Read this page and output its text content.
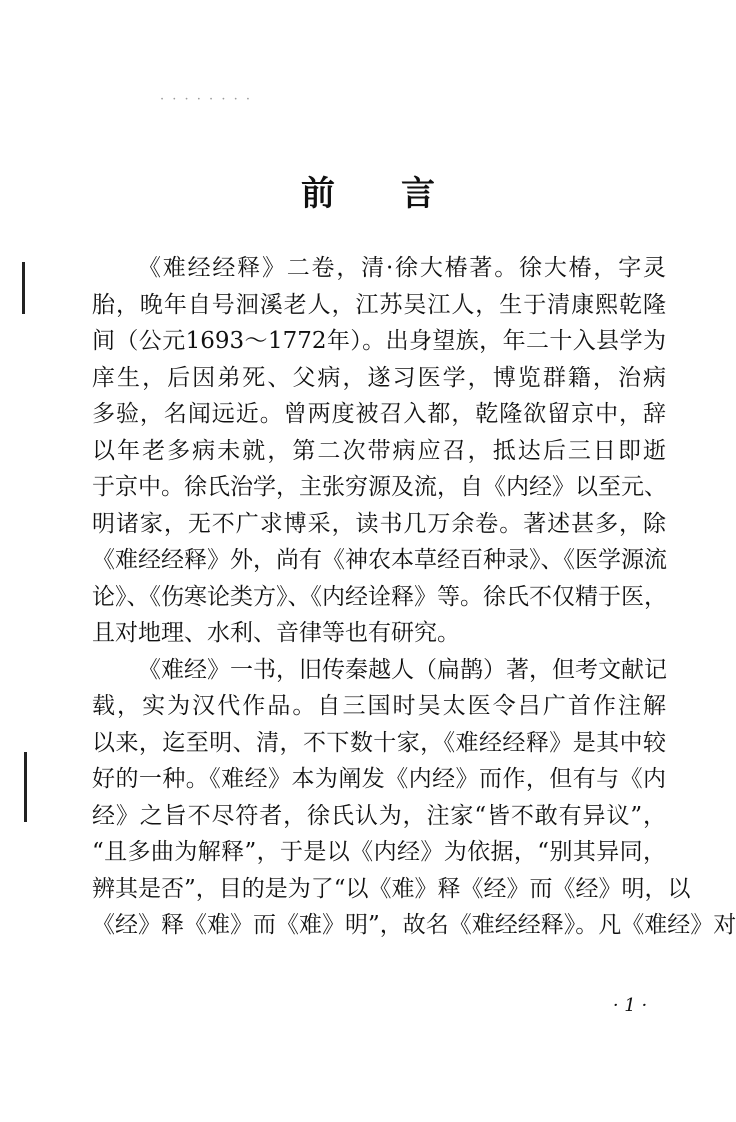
· · · · · · · ·
前言
《难经经释》二卷，清·徐大椿著。徐大椿，字灵
胎，晚年自号洄溪老人，江苏吴江人，生于清康熙乾隆
间（公元1693～1772年）。出身望族，年二十入县学为
庠生，后因弟死、父病，遂习医学，博览群籍，治病
多验，名闻远近。曾两度被召入都，乾隆欲留京中，辞
以年老多病未就，第二次带病应召，抵达后三日即逝
于京中。徐氏治学，主张穷源及流，自《内经》以至元、
明诸家，无不广求博采，读书几万余卷。著述甚多，除
《难经经释》外，尚有《神农本草经百种录》、《医学源流
论》、《伤寒论类方》、《内经诠释》等。徐氏不仅精于医，
且对地理、水利、音律等也有研究。
《难经》一书，旧传秦越人（扁鹊）著，但考文献记
载，实为汉代作品。自三国时吴太医令吕广首作注解
以来，迄至明、清，不下数十家，《难经经释》是其中较
好的一种。《难经》本为阐发《内经》而作，但有与《内
经》之旨不尽符者，徐氏认为，注家“皆不敢有异议”，
“且多曲为解释”，于是以《内经》为依据，“别其异同，
辨其是否”，目的是为了“以《难》释《经》而《经》明，以
《经》释《难》而《难》明”，故名《难经经释》。凡《难经》对
· 1 ·
